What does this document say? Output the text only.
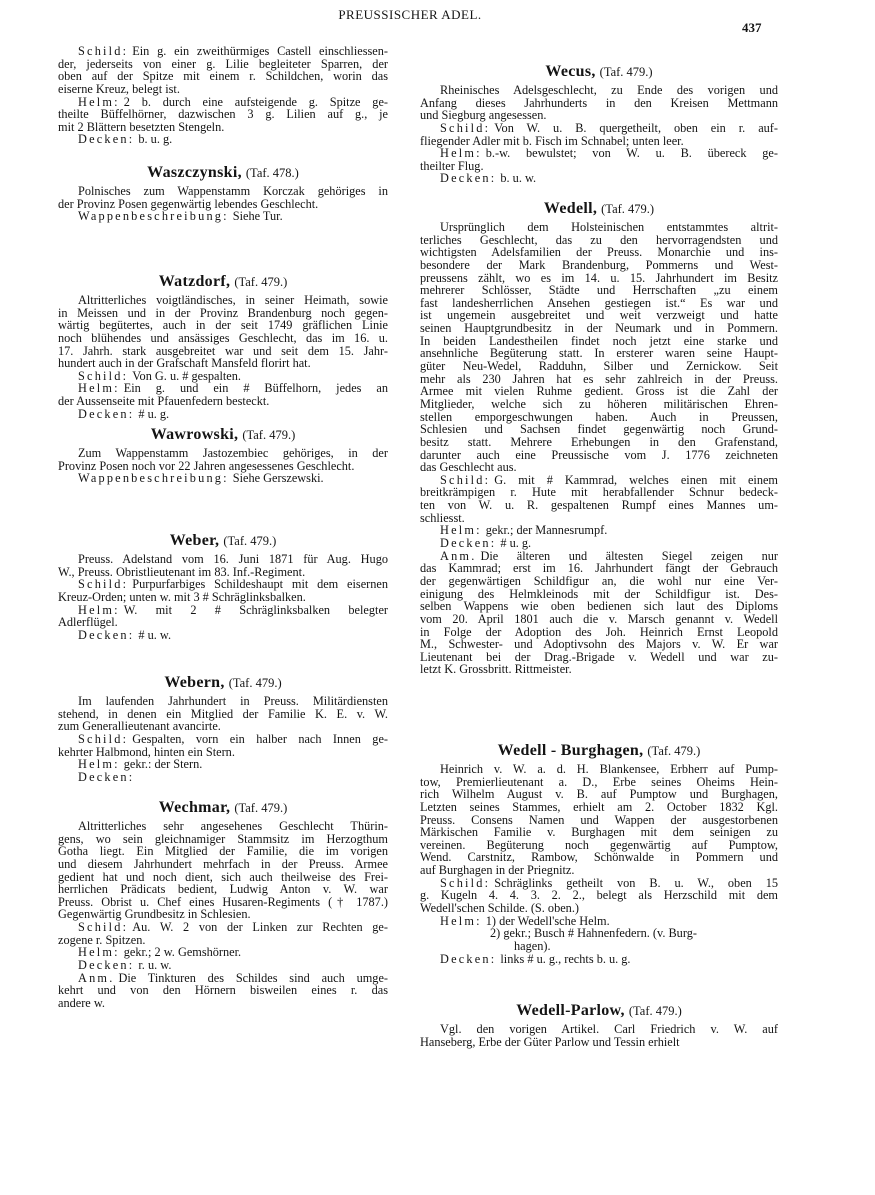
PREUSSISCHER ADEL.
437
Schild: Ein g. ein zweithürmiges Castell einschliessen-
der, jederseits von einer g. Lilie begleiteter Sparren, der
oben auf der Spitze mit einem r. Schildchen, worin das
eiserne Kreuz, belegt ist.
Helm: 2 b. durch eine aufsteigende g. Spitze ge-
theilte Büffelhörner, dazwischen 3 g. Lilien auf g., je
mit 2 Blättern besetzten Stengeln.
Decken: b. u. g.
Waszczynski, (Taf. 478.)
Polnisches zum Wappenstamm Korczak gehöriges in
der Provinz Posen gegenwärtig lebendes Geschlecht.
Wappenbeschreibung: Siehe Tur.
Watzdorf, (Taf. 479.)
Altritterliches voigtländisches, in seiner Heimath, sowie
in Meissen und in der Provinz Brandenburg noch gegen-
wärtig begütertes, auch in der seit 1749 gräflichen Linie
noch blühendes und ansässiges Geschlecht, das im 16. u.
17. Jahrh. stark ausgebreitet war und seit dem 15. Jahr-
hundert auch in der Grafschaft Mansfeld florirt hat.
Schild: Von G. u. # gespalten.
Helm: Ein g. und ein # Büffelhorn, jedes an
der Aussenseite mit Pfauenfedern besteckt.
Decken: # u. g.
Wawrowski, (Taf. 479.)
Zum Wappenstamm Jastozembiec gehöriges, in der
Provinz Posen noch vor 22 Jahren angesessenes Geschlecht.
Wappenbeschreibung: Siehe Gerszewski.
Weber, (Taf. 479.)
Preuss. Adelstand vom 16. Juni 1871 für Aug. Hugo
W., Preuss. Obristlieutenant im 83. Inf.-Regiment.
Schild: Purpurfarbiges Schildeshaupt mit dem eisernen
Kreuz-Orden; unten w. mit 3 # Schräglinksbalken.
Helm: W. mit 2 # Schräglinksbalken belegter
Adlerflügel.
Decken: # u. w.
Webern, (Taf. 479.)
Im laufenden Jahrhundert in Preuss. Militärdiensten
stehend, in denen ein Mitglied der Familie K. E. v. W.
zum Generallieutenant avancirte.
Schild: Gespalten, vorn ein halber nach Innen ge-
kehrter Halbmond, hinten ein Stern.
Helm: gekr.: der Stern.
Decken:
Wechmar, (Taf. 479.)
Altritterliches sehr angesehenes Geschlecht Thürin-
gens, wo sein gleichnamiger Stammsitz im Herzogthum
Gotha liegt. Ein Mitglied der Familie, die im vorigen
und diesem Jahrhundert mehrfach in der Preuss. Armee
gedient hat und noch dient, sich auch theilweise des Frei-
herrlichen Prädicats bedient, Ludwig Anton v. W. war
Preuss. Obrist u. Chef eines Husaren-Regiments († 1787.)
Gegenwärtig Grundbesitz in Schlesien.
Schild: Au. W. 2 von der Linken zur Rechten ge-
zogene r. Spitzen.
Helm: gekr.; 2 w. Gemshörner.
Decken: r. u. w.
Anm. Die Tinkturen des Schildes sind auch umge-
kehrt und von den Hörnern bisweilen eines r. das
andere w.
Wecus, (Taf. 479.)
Rheinisches Adelsgeschlecht, zu Ende des vorigen und
Anfang dieses Jahrhunderts in den Kreisen Mettmann
und Siegburg angesessen.
Schild: Von W. u. B. quergetheilt, oben ein r. auf-
fliegender Adler mit b. Fisch im Schnabel; unten leer.
Helm: b.-w. bewulstet; von W. u. B. übereck ge-
theilter Flug.
Decken: b. u. w.
Wedell, (Taf. 479.)
Ursprünglich dem Holsteinischen entstammtes altrit-
terliches Geschlecht, das zu den hervorragendsten und
wichtigsten Adelsfamilien der Preuss. Monarchie und ins-
besondere der Mark Brandenburg, Pommerns und West-
preussens zählt, wo es im 14. u. 15. Jahrhundert im Besitz
mehrerer Schlösser, Städte und Herrschaften „zu einem
fast landesherrlichen Ansehen gestiegen ist.“ Es war und
ist ungemein ausgebreitet und weit verzweigt und hatte
seinen Hauptgrundbesitz in der Neumark und in Pommern.
In beiden Landestheilen findet noch jetzt eine starke und
ansehnliche Begüterung statt. In ersterer waren seine Haupt-
güter Neu-Wedel, Radduhn, Silber und Zernickow. Seit
mehr als 230 Jahren hat es sehr zahlreich in der Preuss.
Armee mit vielen Ruhme gedient. Gross ist die Zahl der
Mitglieder, welche sich zu höheren militärischen Ehren-
stellen emporgeschwungen haben. Auch in Preussen,
Schlesien und Sachsen findet gegenwärtig noch Grund-
besitz statt. Mehrere Erhebungen in den Grafenstand,
darunter auch eine Preussische vom J. 1776 zeichneten
das Geschlecht aus.
Schild: G. mit # Kammrad, welches einen mit einem
breitkrämpigen r. Hute mit herabfallender Schnur bedeck-
ten von W. u. R. gespaltenen Rumpf eines Mannes um-
schliesst.
Helm: gekr.; der Mannesrumpf.
Decken: # u. g.
Anm. Die älteren und ältesten Siegel zeigen nur
das Kammrad; erst im 16. Jahrhundert fängt der Gebrauch
der gegenwärtigen Schildfigur an, die wohl nur eine Ver-
einigung des Helmkleinods mit der Schildfigur ist. Des-
selben Wappens wie oben bedienen sich laut des Diploms
vom 20. April 1801 auch die v. Marsch genannt v. Wedell
in Folge der Adoption des Joh. Heinrich Ernst Leopold
M., Schwester- und Adoptivsohn des Majors v. W. Er war
Lieutenant bei der Drag.-Brigade v. Wedell und war zu-
letzt K. Grossbritt. Rittmeister.
Wedell - Burghagen, (Taf. 479.)
Heinrich v. W. a. d. H. Blankensee, Erbherr auf Pump-
tow, Premierlieutenant a. D., Erbe seines Oheims Hein-
rich Wilhelm August v. B. auf Pumptow und Burghagen,
Letzten seines Stammes, erhielt am 2. October 1832 Kgl.
Preuss. Consens Namen und Wappen der ausgestorbenen
Märkischen Familie v. Burghagen mit dem seinigen zu
vereinen. Begüterung noch gegenwärtig auf Pumptow,
Wend. Carstnitz, Rambow, Schönwalde in Pommern und
auf Burghagen in der Priegnitz.
Schild: Schräglinks getheilt von B. u. W., oben 15
g. Kugeln 4. 4. 3. 2. 2., belegt als Herzschild mit dem
Wedell'schen Schilde. (S. oben.)
Helm: 1) der Wedell'sche Helm.
2) gekr.; Busch # Hahnenfedern. (v. Burg-
hagen).
Decken: links # u. g., rechts b. u. g.
Wedell-Parlow, (Taf. 479.)
Vgl. den vorigen Artikel. Carl Friedrich v. W. auf
Hanseberg, Erbe der Güter Parlow und Tessin erhielt
